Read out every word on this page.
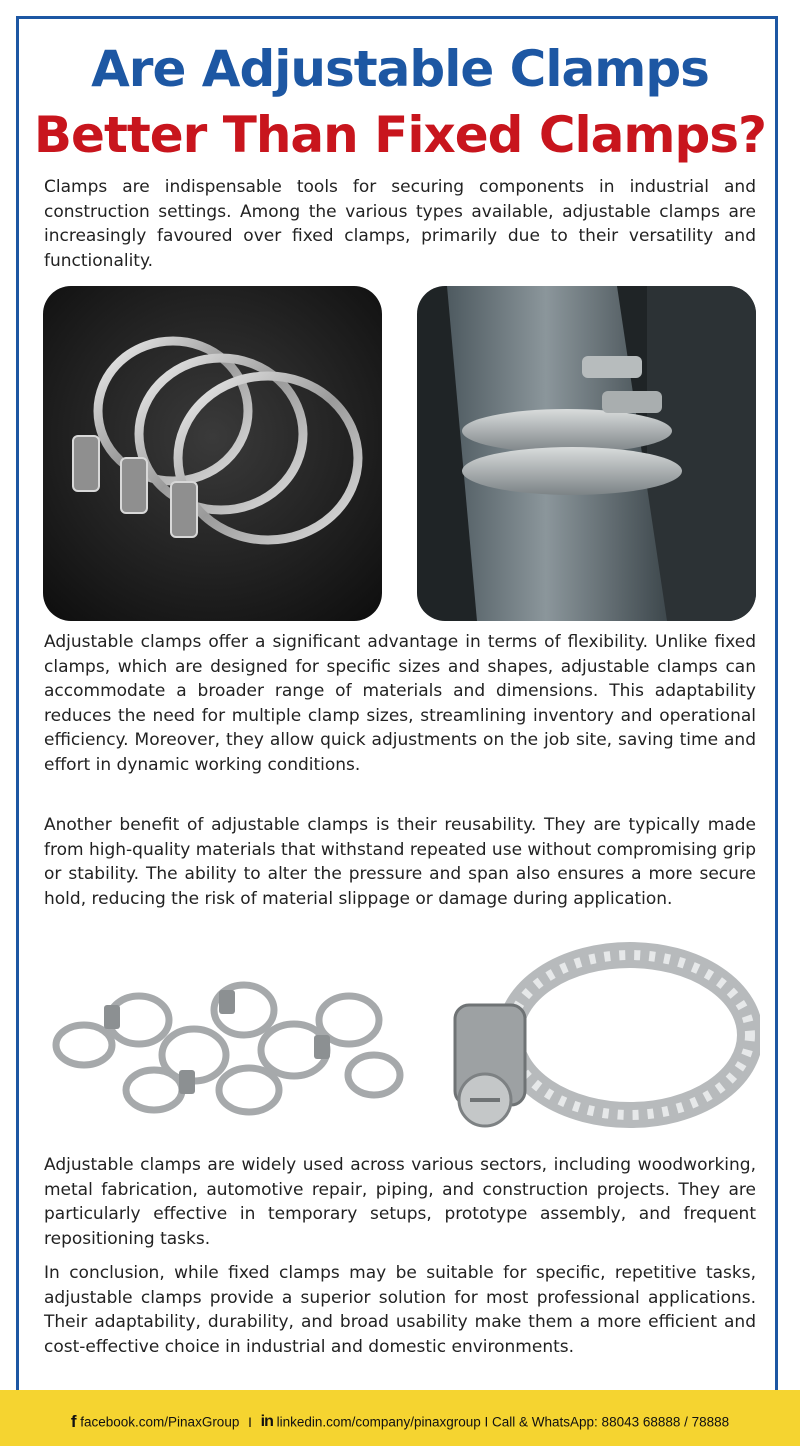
Are Adjustable Clamps
Better Than Fixed Clamps?

Clamps are indispensable tools for securing components in industrial and construction settings. Among the various types available, adjustable clamps are increasingly favoured over fixed clamps, primarily due to their versatility and functionality.

Adjustable clamps offer a significant advantage in terms of flexibility. Unlike fixed clamps, which are designed for specific sizes and shapes, adjustable clamps can accommodate a broader range of materials and dimensions. This adaptability reduces the need for multiple clamp sizes, streamlining inventory and operational efficiency. Moreover, they allow quick adjustments on the job site, saving time and effort in dynamic working conditions.

Another benefit of adjustable clamps is their reusability. They are typically made from high-quality materials that withstand repeated use without compromising grip or stability. The ability to alter the pressure and span also ensures a more secure hold, reducing the risk of material slippage or damage during application.

Adjustable clamps are widely used across various sectors, including woodworking, metal fabrication, automotive repair, piping, and construction projects. They are particularly effective in temporary setups, prototype assembly, and frequent repositioning tasks.

In conclusion, while fixed clamps may be suitable for specific, repetitive tasks, adjustable clamps provide a superior solution for most professional applications. Their adaptability, durability, and broad usability make them a more efficient and cost-effective choice in industrial and domestic environments.

f facebook.com/PinaxGroup I in linkedin.com/company/pinaxgroup I Call & WhatsApp: 88043 68888 / 78888
